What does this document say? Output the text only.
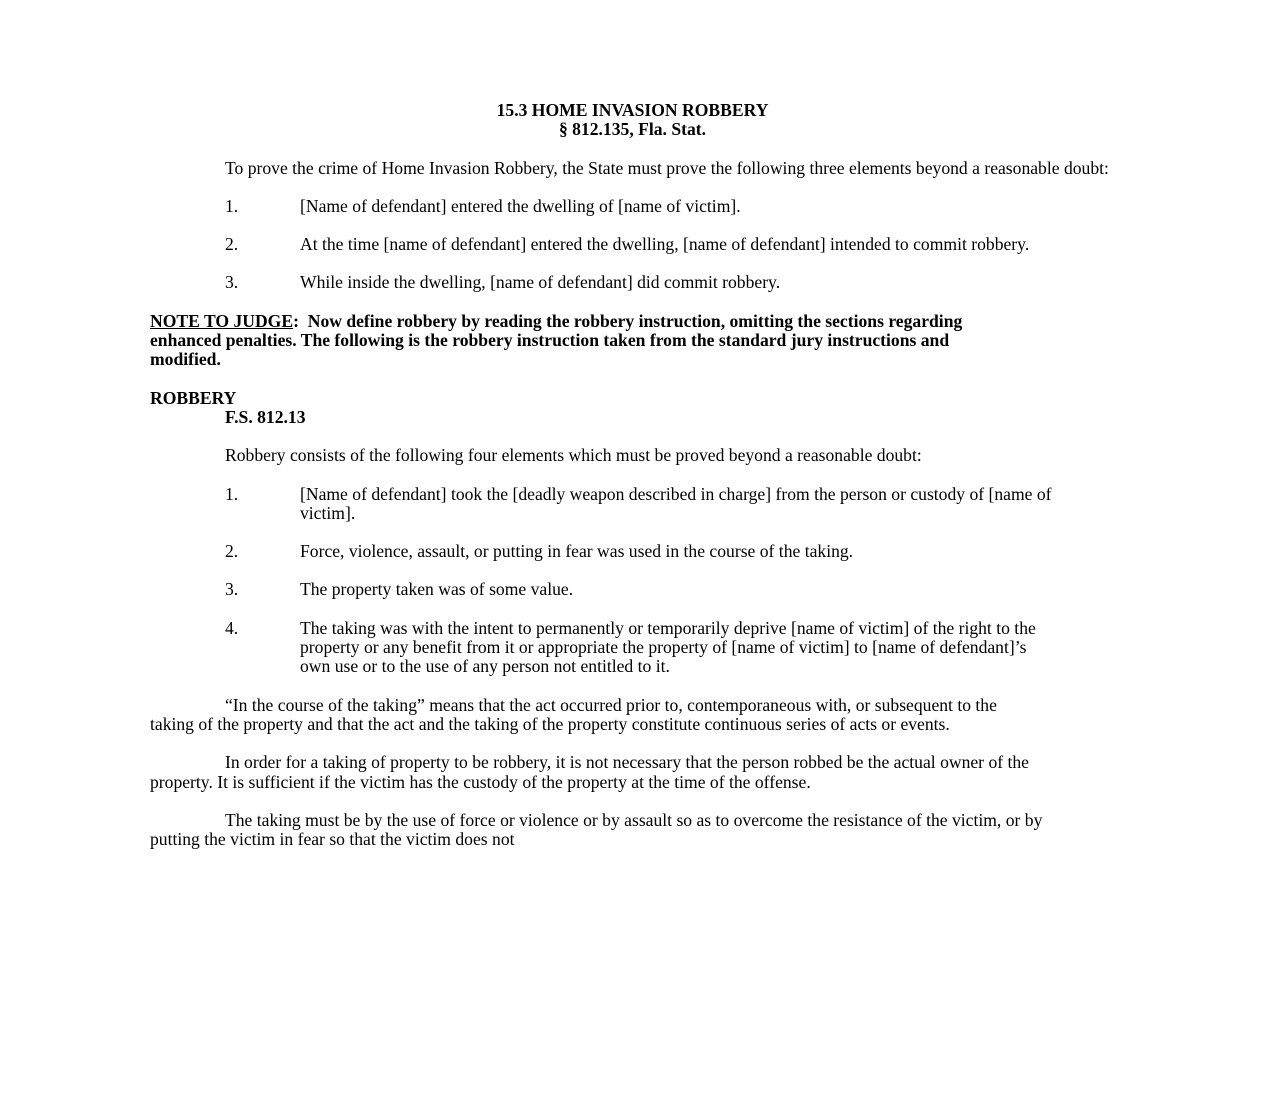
15.3 HOME INVASION ROBBERY
§ 812.135, Fla. Stat.

To prove the crime of Home Invasion Robbery, the State must prove the following three elements beyond a reasonable doubt:

1.	[Name of defendant] entered the dwelling of [name of victim].
2.	At the time [name of defendant] entered the dwelling, [name of defendant] intended to commit robbery.
3.	While inside the dwelling, [name of defendant] did commit robbery.

NOTE TO JUDGE: Now define robbery by reading the robbery instruction, omitting the sections regarding enhanced penalties. The following is the robbery instruction taken from the standard jury instructions and modified.

ROBBERY

F.S. 812.13

Robbery consists of the following four elements which must be proved beyond a reasonable doubt:

1.	[Name of defendant] took the [deadly weapon described in charge] from the person or custody of [name of victim].
2.	Force, violence, assault, or putting in fear was used in the course of the taking.
3.	The property taken was of some value.
4.	The taking was with the intent to permanently or temporarily deprive [name of victim] of the right to the property or any benefit from it or appropriate the property of [name of victim] to [name of defendant]’s own use or to the use of any person not entitled to it.

“In the course of the taking” means that the act occurred prior to, contemporaneous with, or subsequent to the taking of the property and that the act and the taking of the property constitute continuous series of acts or events.

In order for a taking of property to be robbery, it is not necessary that the person robbed be the actual owner of the property. It is sufficient if the victim has the custody of the property at the time of the offense.

The taking must be by the use of force or violence or by assault so as to overcome the resistance of the victim, or by putting the victim in fear so that the victim does not
